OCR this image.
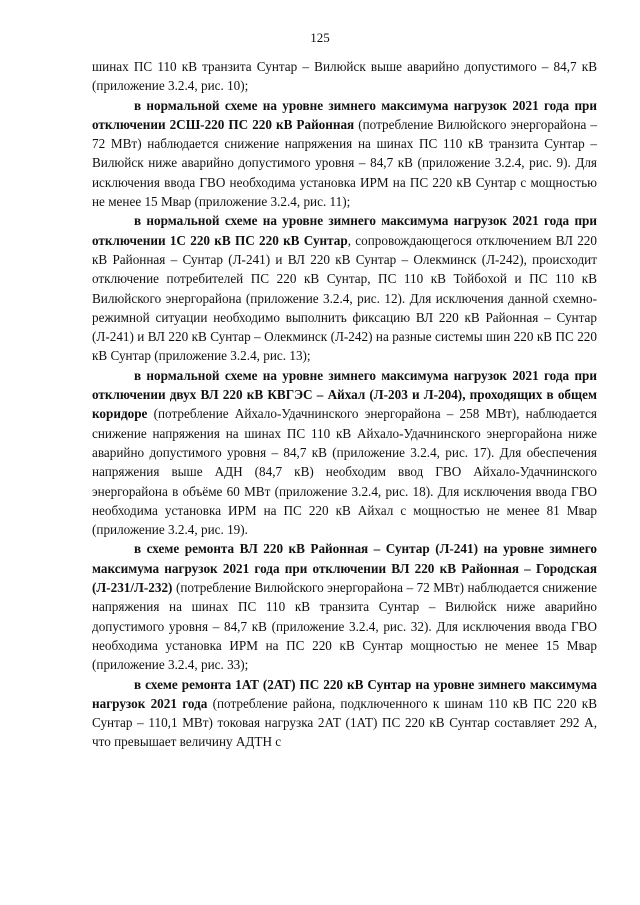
125

шинах ПС 110 кВ транзита Сунтар – Вилюйск выше аварийно допустимого – 84,7 кВ (приложение 3.2.4, рис. 10);

в нормальной схеме на уровне зимнего максимума нагрузок 2021 года при отключении 2СШ-220 ПС 220 кВ Районная (потребление Вилюйского энергорайона – 72 МВт) наблюдается снижение напряжения на шинах ПС 110 кВ транзита Сунтар – Вилюйск ниже аварийно допустимого уровня – 84,7 кВ (приложение 3.2.4, рис. 9). Для исключения ввода ГВО необходима установка ИРМ на ПС 220 кВ Сунтар с мощностью не менее 15 Мвар (приложение 3.2.4, рис. 11);

в нормальной схеме на уровне зимнего максимума нагрузок 2021 года при отключении 1С 220 кВ ПС 220 кВ Сунтар, сопровождающегося отключением ВЛ 220 кВ Районная – Сунтар (Л-241) и ВЛ 220 кВ Сунтар – Олекминск (Л-242), происходит отключение потребителей ПС 220 кВ Сунтар, ПС 110 кВ Тойбохой и ПС 110 кВ Вилюйского энергорайона (приложение 3.2.4, рис. 12). Для исключения данной схемно-режимной ситуации необходимо выполнить фиксацию ВЛ 220 кВ Районная – Сунтар (Л-241) и ВЛ 220 кВ Сунтар – Олекминск (Л-242) на разные системы шин 220 кВ ПС 220 кВ Сунтар (приложение 3.2.4, рис. 13);

в нормальной схеме на уровне зимнего максимума нагрузок 2021 года при отключении двух ВЛ 220 кВ КВГЭС – Айхал (Л-203 и Л-204), проходящих в общем коридоре (потребление Айхало-Удачнинского энергорайона – 258 МВт), наблюдается снижение напряжения на шинах ПС 110 кВ Айхало-Удачнинского энергорайона ниже аварийно допустимого уровня – 84,7 кВ (приложение 3.2.4, рис. 17). Для обеспечения напряжения выше АДН (84,7 кВ) необходим ввод ГВО Айхало-Удачнинского энергорайона в объёме 60 МВт (приложение 3.2.4, рис. 18). Для исключения ввода ГВО необходима установка ИРМ на ПС 220 кВ Айхал с мощностью не менее 81 Мвар (приложение 3.2.4, рис. 19).

в схеме ремонта ВЛ 220 кВ Районная – Сунтар (Л-241) на уровне зимнего максимума нагрузок 2021 года при отключении ВЛ 220 кВ Районная – Городская (Л-231/Л-232) (потребление Вилюйского энергорайона – 72 МВт) наблюдается снижение напряжения на шинах ПС 110 кВ транзита Сунтар – Вилюйск ниже аварийно допустимого уровня – 84,7 кВ (приложение 3.2.4, рис. 32). Для исключения ввода ГВО необходима установка ИРМ на ПС 220 кВ Сунтар мощностью не менее 15 Мвар (приложение 3.2.4, рис. 33);

в схеме ремонта 1АТ (2АТ) ПС 220 кВ Сунтар на уровне зимнего максимума нагрузок 2021 года (потребление района, подключенного к шинам 110 кВ ПС 220 кВ Сунтар – 110,1 МВт) токовая нагрузка 2АТ (1АТ) ПС 220 кВ Сунтар составляет 292 А, что превышает величину АДТН с
